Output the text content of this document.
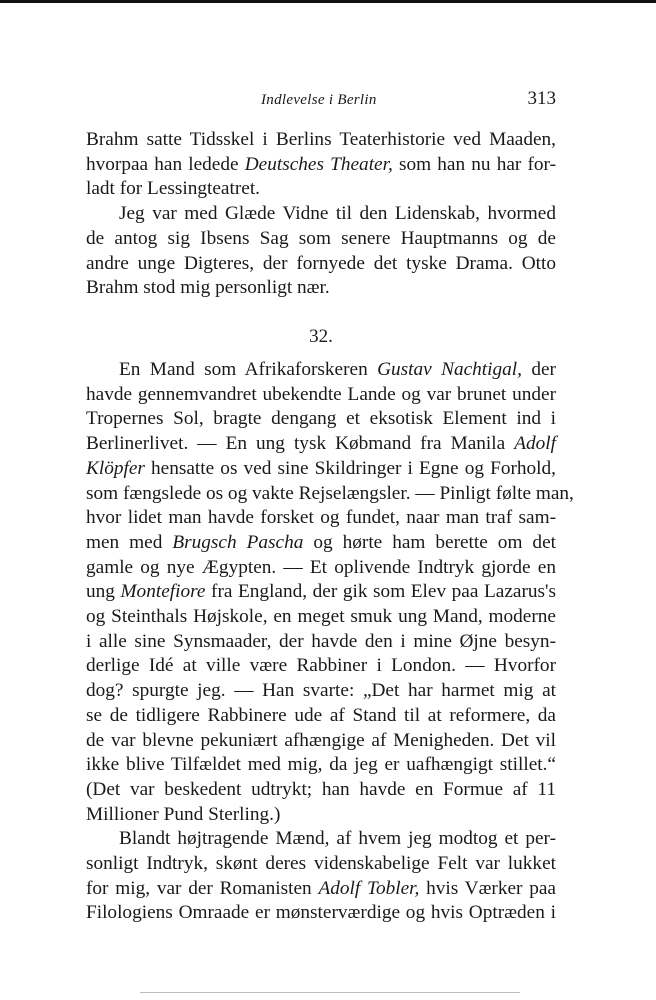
Indlevelse i Berlin	313

Brahm satte Tidsskel i Berlins Teaterhistorie ved Maaden,
hvorpaa han ledede Deutsches Theater, som han nu har for-
ladt for Lessingteatret.

Jeg var med Glæde Vidne til den Lidenskab, hvormed
de antog sig Ibsens Sag som senere Hauptmanns og de
andre unge Digteres, der fornyede det tyske Drama. Otto
Brahm stod mig personligt nær.

32.

En Mand som Afrikaforskeren Gustav Nachtigal, der
havde gennemvandret ubekendte Lande og var brunet under
Tropernes Sol, bragte dengang et eksotisk Element ind i
Berlinerlivet. — En ung tysk Købmand fra Manila Adolf
Klöpfer hensatte os ved sine Skildringer i Egne og Forhold,
som fængslede os og vakte Rejselængsler. — Pinligt følte man,
hvor lidet man havde forsket og fundet, naar man traf sam-
men med Brugsch Pascha og hørte ham berette om det
gamle og nye Ægypten. — Et oplivende Indtryk gjorde en
ung Montefiore fra England, der gik som Elev paa Lazarus's
og Steinthals Højskole, en meget smuk ung Mand, moderne
i alle sine Synsmaader, der havde den i mine Øjne besyn-
derlige Idé at ville være Rabbiner i London. — Hvorfor
dog? spurgte jeg. — Han svarte: „Det har harmet mig at
se de tidligere Rabbinere ude af Stand til at reformere, da
de var blevne pekuniært afhængige af Menigheden. Det vil
ikke blive Tilfældet med mig, da jeg er uafhængigt stillet.“
(Det var beskedent udtrykt; han havde en Formue af 11
Millioner Pund Sterling.)

Blandt højtragende Mænd, af hvem jeg modtog et per-
sonligt Indtryk, skønt deres videnskabelige Felt var lukket
for mig, var der Romanisten Adolf Tobler, hvis Værker paa
Filologiens Omraade er mønsterværdige og hvis Optræden i
